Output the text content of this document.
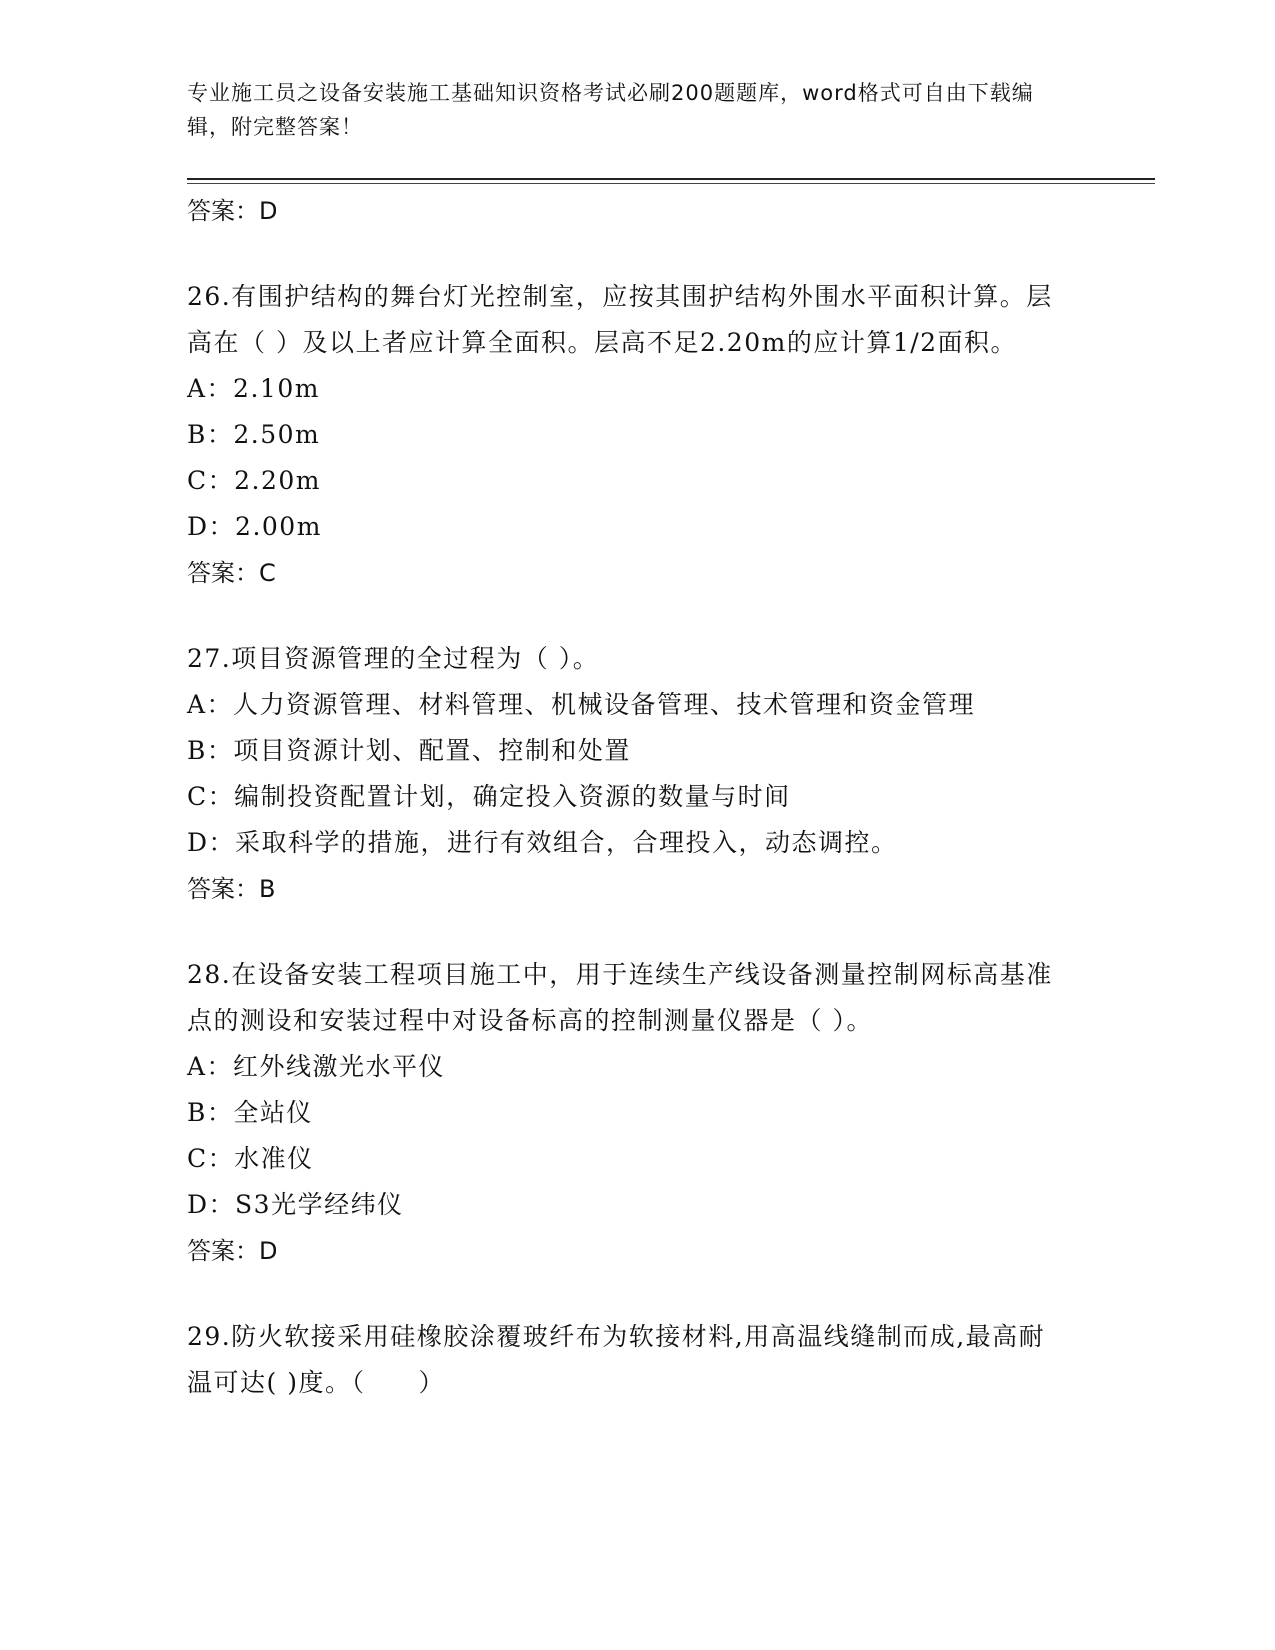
专业施工员之设备安装施工基础知识资格考试必刷200题题库，word格式可自由下载编辑，附完整答案！

答案：D

26.有围护结构的舞台灯光控制室，应按其围护结构外围水平面积计算。层高在（ ）及以上者应计算全面积。层高不足2.20m的应计算1/2面积。

A：2.10m

B：2.50m

C：2.20m

D：2.00m

答案：C

27.项目资源管理的全过程为（ ）。

A：人力资源管理、材料管理、机械设备管理、技术管理和资金管理

B：项目资源计划、配置、控制和处置

C：编制投资配置计划，确定投入资源的数量与时间

D：采取科学的措施，进行有效组合，合理投入，动态调控。

答案：B

28.在设备安装工程项目施工中，用于连续生产线设备测量控制网标高基准点的测设和安装过程中对设备标高的控制测量仪器是（ ）。

A：红外线激光水平仪

B：全站仪

C：水准仪

D：S3光学经纬仪

答案：D

29.防火软接采用硅橡胶涂覆玻纤布为软接材料,用高温线缝制而成,最高耐温可达( )度。（　　）
